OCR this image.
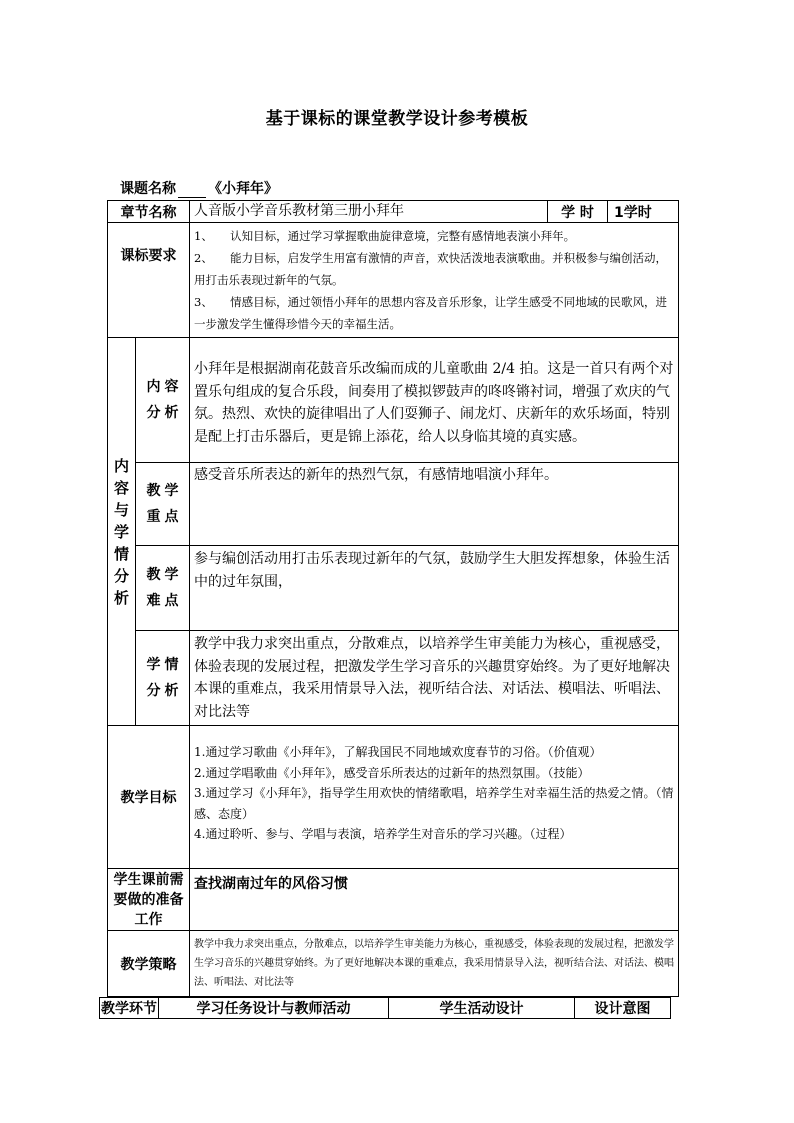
基于课标的课堂教学设计参考模板
课题名称 《小拜年》
章节名称		人音版小学音乐教材第三册小拜年	学 时	1学时
课标要求		1、　　认知目标，通过学习掌握歌曲旋律意境，完整有感情地表演小拜年。

2、　　能力目标，启发学生用富有激情的声音，欢快活泼地表演歌曲。并积极参与编创活动，用打击乐表现过新年的气氛。

3、　　情感目标，通过领悟小拜年的思想内容及音乐形象，让学生感受不同地域的民歌风，进一步激发学生懂得珍惜今天的幸福生活。		

内容与学情分析	内容分析	小拜年是根据湖南花鼓音乐改编而成的儿童歌曲 2/4 拍。这是一首只有两个对置乐句组成的复合乐段，间奏用了模拟锣鼓声的咚咚锵衬词，增强了欢庆的气氛。热烈、欢快的旋律唱出了人们耍狮子、闹龙灯、庆新年的欢乐场面，特别是配上打击乐器后，更是锦上添花，给人以身临其境的真实感。		

	教学重点	感受音乐所表达的新年的热烈气氛，有感情地唱演小拜年。		

	教学难点	参与编创活动用打击乐表现过新年的气氛，鼓励学生大胆发挥想象，体验生活中的过年氛围，		

	学情分析	教学中我力求突出重点，分散难点，以培养学生审美能力为核心，重视感受，体验表现的发展过程，把激发学生学习音乐的兴趣贯穿始终。为了更好地解决本课的重难点，我采用情景导入法，视听结合法、对话法、模唱法、听唱法、对比法等		
教学目标		1.通过学习歌曲《小拜年》，了解我国民不同地域欢度春节的习俗。（价值观）

2.通过学唱歌曲《小拜年》，感受音乐所表达的过新年的热烈氛围。（技能）

3.通过学习《小拜年》，指导学生用欢快的情绪歌唱，培养学生对幸福生活的热爱之情。（情感、态度）

4.通过聆听、参与、学唱与表演，培养学生对音乐的学习兴趣。（过程）		

学生课前需要做的准备工作		查找湖南过年的风俗习惯		
教学策略		教学中我力求突出重点，分散难点，以培养学生审美能力为核心，重视感受，体验表现的发展过程，把激发学生学习音乐的兴趣贯穿始终。为了更好地解决本课的重难点，我采用情景导入法，视听结合法、对话法、模唱法、听唱法、对比法等		
教学环节	学习任务设计与教师活动	学生活动设计	设计意图
